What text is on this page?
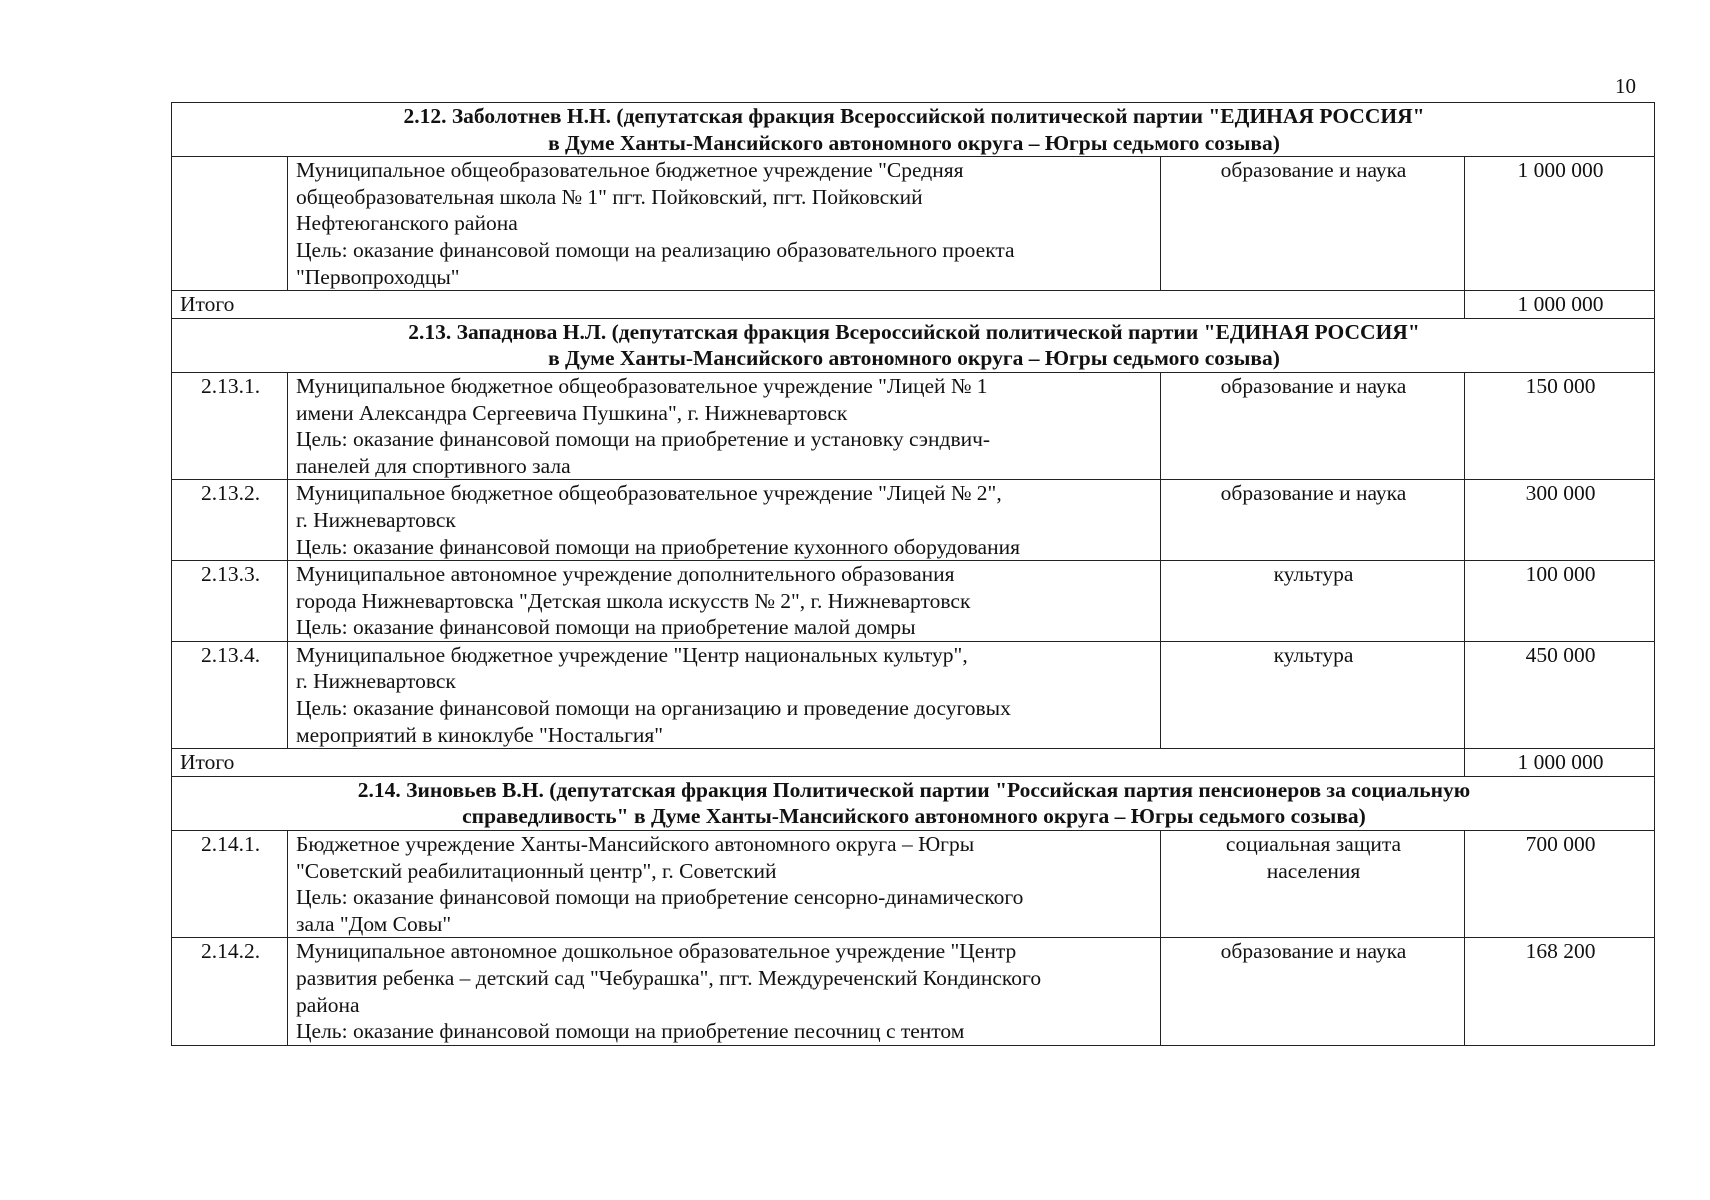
10
2.12. Заболотнев Н.Н. (депутатская фракция Всероссийской политической партии "ЕДИНАЯ РОССИЯ"
в Думе Ханты-Мансийского автономного округа – Югры седьмого созыва)			

	Муниципальное общеобразовательное бюджетное учреждение "Средняя
общеобразовательная школа № 1" пгт. Пойковский, пгт. Пойковский
Нефтеюганского района
Цель: оказание финансовой помощи на реализацию образовательного проекта
"Первопроходцы"	образование и наука	1 000 000
Итого			1 000 000

2.13. Западнова Н.Л. (депутатская фракция Всероссийской политической партии "ЕДИНАЯ РОССИЯ"
в Думе Ханты-Мансийского автономного округа – Югры седьмого созыва)			

2.13.1.	Муниципальное бюджетное общеобразовательное учреждение "Лицей № 1
имени Александра Сергеевича Пушкина", г. Нижневартовск
Цель: оказание финансовой помощи на приобретение и установку сэндвич-
панелей для спортивного зала	образование и наука	150 000
2.13.2.	Муниципальное бюджетное общеобразовательное учреждение "Лицей № 2",
г. Нижневартовск
Цель: оказание финансовой помощи на приобретение кухонного оборудования	образование и наука	300 000
2.13.3.	Муниципальное автономное учреждение дополнительного образования
города Нижневартовска "Детская школа искусств № 2", г. Нижневартовск
Цель: оказание финансовой помощи на приобретение малой домры	культура	100 000
2.13.4.	Муниципальное бюджетное учреждение "Центр национальных культур",
г. Нижневартовск
Цель: оказание финансовой помощи на организацию и проведение досуговых
мероприятий в киноклубе "Ностальгия"	культура	450 000
Итого			1 000 000

2.14. Зиновьев В.Н. (депутатская фракция Политической партии "Российская партия пенсионеров за социальную
справедливость" в Думе Ханты-Мансийского автономного округа – Югры седьмого созыва)			

2.14.1.	Бюджетное учреждение Ханты-Мансийского автономного округа – Югры
"Советский реабилитационный центр", г. Советский
Цель: оказание финансовой помощи на приобретение сенсорно-динамического
зала "Дом Совы"	социальная защита
населения	700 000
2.14.2.	Муниципальное автономное дошкольное образовательное учреждение "Центр
развития ребенка – детский сад "Чебурашка", пгт. Междуреченский Кондинского
района
Цель: оказание финансовой помощи на приобретение песочниц с тентом	образование и наука	168 200
